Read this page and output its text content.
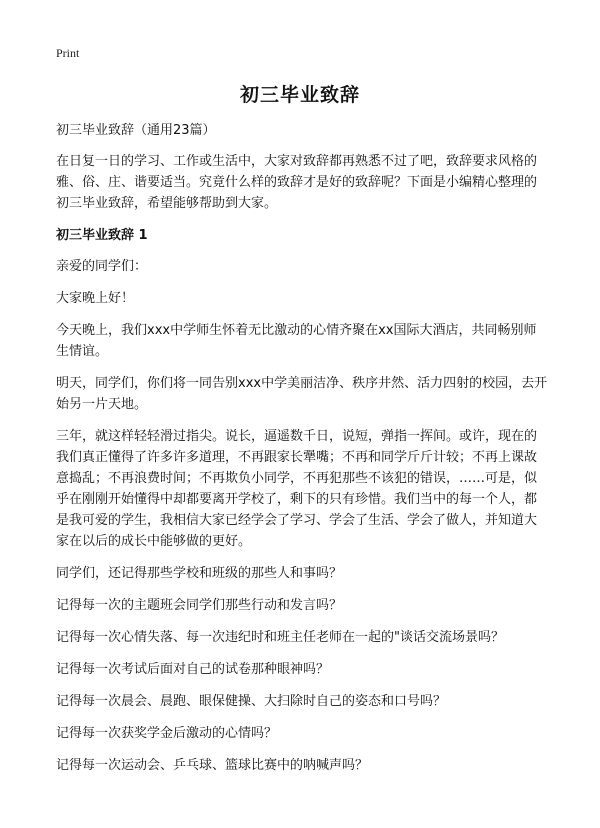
Print
初三毕业致辞

初三毕业致辞（通用23篇）

在日复一日的学习、工作或生活中，大家对致辞都再熟悉不过了吧，致辞要求风格的雅、俗、庄、谐要适当。究竟什么样的致辞才是好的致辞呢？下面是小编精心整理的初三毕业致辞，希望能够帮助到大家。

初三毕业致辞 1

亲爱的同学们：

大家晚上好！

今天晚上，我们xxx中学师生怀着无比激动的心情齐聚在xx国际大酒店，共同畅别师生情谊。

明天，同学们，你们将一同告别xxx中学美丽洁净、秩序井然、活力四射的校园，去开始另一片天地。

三年，就这样轻轻滑过指尖。说长，逼遥数千日，说短，弹指一挥间。或许，现在的我们真正懂得了许多许多道理，不再跟家长犟嘴；不再和同学斤斤计较；不再上课故意捣乱；不再浪费时间；不再欺负小同学，不再犯那些不该犯的错误，……可是，似乎在刚刚开始懂得中却都要离开学校了，剩下的只有珍惜。我们当中的每一个人，都是我可爱的学生，我相信大家已经学会了学习、学会了生活、学会了做人，并知道大家在以后的成长中能够做的更好。

同学们，还记得那些学校和班级的那些人和事吗？

记得每一次的主题班会同学们那些行动和发言吗？

记得每一次心情失落、每一次违纪时和班主任老师在一起的"谈话交流场景吗？

记得每一次考试后面对自己的试卷那种眼神吗？

记得每一次晨会、晨跑、眼保健操、大扫除时自己的姿态和口号吗？

记得每一次获奖学金后激动的心情吗？

记得每一次运动会、乒乓球、篮球比赛中的呐喊声吗？
